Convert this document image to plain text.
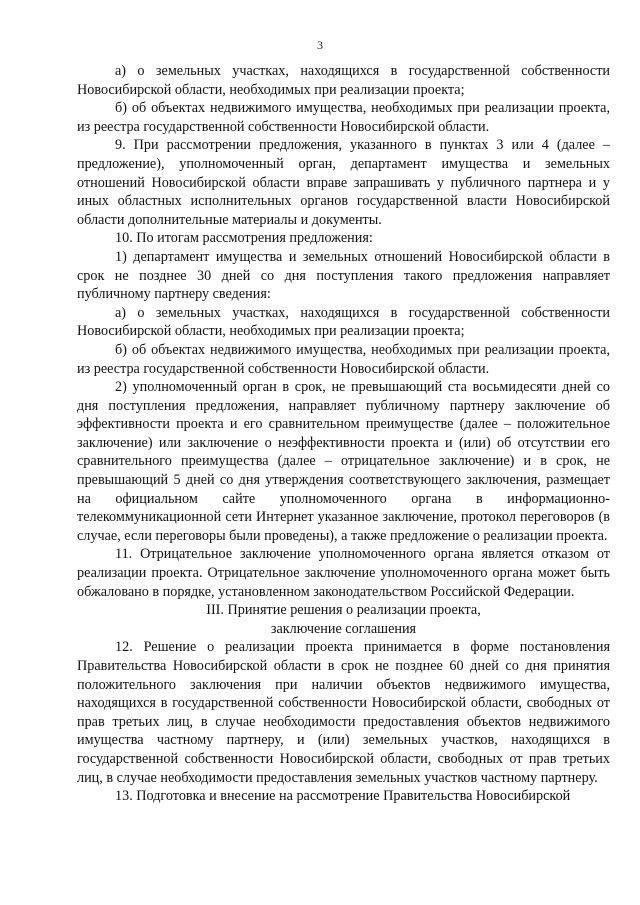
3

а) о земельных участках, находящихся в государственной собственности Новосибирской области, необходимых при реализации проекта;

б) об объектах недвижимого имущества, необходимых при реализации проекта, из реестра государственной собственности Новосибирской области.

9. При рассмотрении предложения, указанного в пунктах 3 или 4 (далее – предложение), уполномоченный орган, департамент имущества и земельных отношений Новосибирской области вправе запрашивать у публичного партнера и у иных областных исполнительных органов государственной власти Новосибирской области дополнительные материалы и документы.

10. По итогам рассмотрения предложения:

1) департамент имущества и земельных отношений Новосибирской области в срок не позднее 30 дней со дня поступления такого предложения направляет публичному партнеру сведения:

а) о земельных участках, находящихся в государственной собственности Новосибирской области, необходимых при реализации проекта;

б) об объектах недвижимого имущества, необходимых при реализации проекта, из реестра государственной собственности Новосибирской области.

2) уполномоченный орган в срок, не превышающий ста восьмидесяти дней со дня поступления предложения, направляет публичному партнеру заключение об эффективности проекта и его сравнительном преимуществе (далее – положительное заключение) или заключение о неэффективности проекта и (или) об отсутствии его сравнительного преимущества (далее – отрицательное заключение) и в срок, не превышающий 5 дней со дня утверждения соответствующего заключения, размещает на официальном сайте уполномоченного органа в информационно-телекоммуникационной сети Интернет указанное заключение, протокол переговоров (в случае, если переговоры были проведены), а также предложение о реализации проекта.

11. Отрицательное заключение уполномоченного органа является отказом от реализации проекта. Отрицательное заключение уполномоченного органа может быть обжаловано в порядке, установленном законодательством Российской Федерации.

III. Принятие решения о реализации проекта,
заключение соглашения

12. Решение о реализации проекта принимается в форме постановления Правительства Новосибирской области в срок не позднее 60 дней со дня принятия положительного заключения при наличии объектов недвижимого имущества, находящихся в государственной собственности Новосибирской области, свободных от прав третьих лиц, в случае необходимости предоставления объектов недвижимого имущества частному партнеру, и (или) земельных участков, находящихся в государственной собственности Новосибирской области, свободных от прав третьих лиц, в случае необходимости предоставления земельных участков частному партнеру.

13. Подготовка и внесение на рассмотрение Правительства Новосибирской
